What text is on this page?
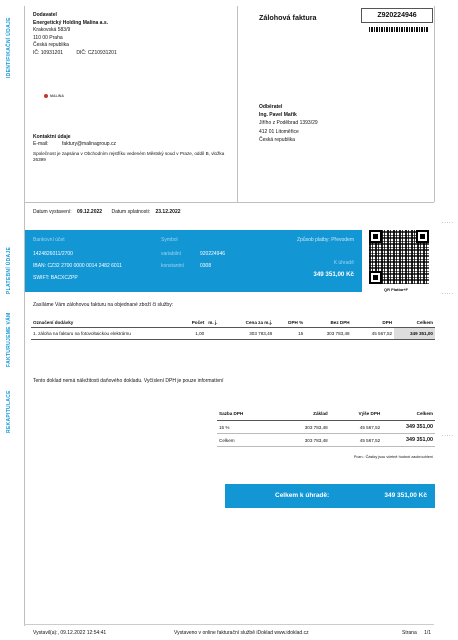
IDENTIFIKAČNÍ ÚDAJE
PLATEBNÍ ÚDAJE
FAKTURUJEME VÁM
REKAPITULACE
Dodavatel
Energetický Holding Malina a.s.
Krakovská 583/9
110 00 Praha
Česká republika
IČ: 10931201	DIČ: CZ10931201
MALINA
Kontaktní údaje
E-mail:	faktury@malinagroup.cz
Společnost je zapsána v Obchodním rejstříku vedeném Městský soud v Praze, oddíl B, vložka 26399
Zálohová faktura	Z920224946
Odběratel
Ing. Pavel Mařík
Jiřího z Poděbrad 1393/29
412 01 Litoměřice
Česká republika
Datum vystavení: 09.12.2022 Datum splatnosti: 23.12.2022
.....
Bankovní účet
1424826011/2700
IBAN: CZ32 2700 0000 0014 2482 6011
SWIFT: BACXCZPP
Symbol
variabilní	920224946
konstantní	0308
Způsob platby: Převodem
K úhradě
349 351,00 Kč
QR Platba+F
.....
Zasíláme Vám zálohovou fakturu na objednané zboží či služby:
Označení dodávky	Počet	m. j.	Cena za m.j.	DPH %	Bez DPH	DPH	Celkem
1. záloha na fakturu na fotovoltaickou elektrárnu	1,00		303 783,48	15	303 783,48	45 567,52	349 351,00
Tento doklad nemá náležitosti daňového dokladu. Vyčíslení DPH je pouze informativní
Sazba DPH	Základ	Výše DPH	Celkem
15 %	303 783,48	45 567,52	349 351,00
Celkem	303 783,48	45 567,52	349 351,00
Pozn.: Částky jsou včetně hodnot zaokrouhlení
.....
Celkem k úhradě:	349 351,00 Kč
Vystavil(a):, 09.12.2022 12:54:41	Vystaveno v online fakturační službě iDoklad www.idoklad.cz	Strana 1/1
